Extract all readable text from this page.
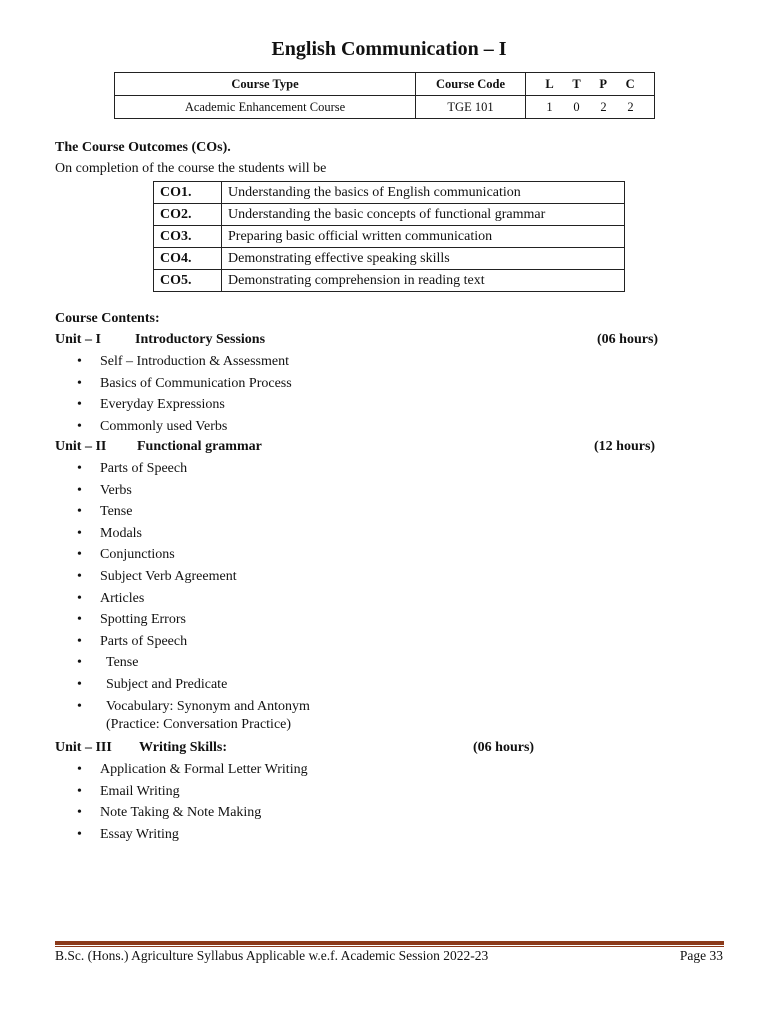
English Communication – I
Course Type	Course Code	L T P C

Academic Enhancement Course	TGE 101	1 0 2 2
The Course Outcomes (COs).
On completion of the course the students will be
CO1.	Understanding the basics of English communication
CO2.	Understanding the basic concepts of functional grammar
CO3.	Preparing basic official written communication
CO4.	Demonstrating effective speaking skills
CO5.	Demonstrating comprehension in reading text
Course Contents:
Unit – I Introductory Sessions	(06 hours)
• Self – Introduction & Assessment
• Basics of Communication Process
• Everyday Expressions
• Commonly used Verbs
Unit – II Functional grammar	(12 hours)
• Parts of Speech
• Verbs
• Tense
• Modals
• Conjunctions
• Subject Verb Agreement
• Articles
• Spotting Errors
• Parts of Speech
• Tense
• Subject and Predicate
• Vocabulary: Synonym and Antonym
(Practice: Conversation Practice)
Unit – III Writing Skills:	(06 hours)
• Application & Formal Letter Writing
• Email Writing
• Note Taking & Note Making
• Essay Writing
B.Sc. (Hons.) Agriculture Syllabus Applicable w.e.f. Academic Session 2022-23	Page 33
